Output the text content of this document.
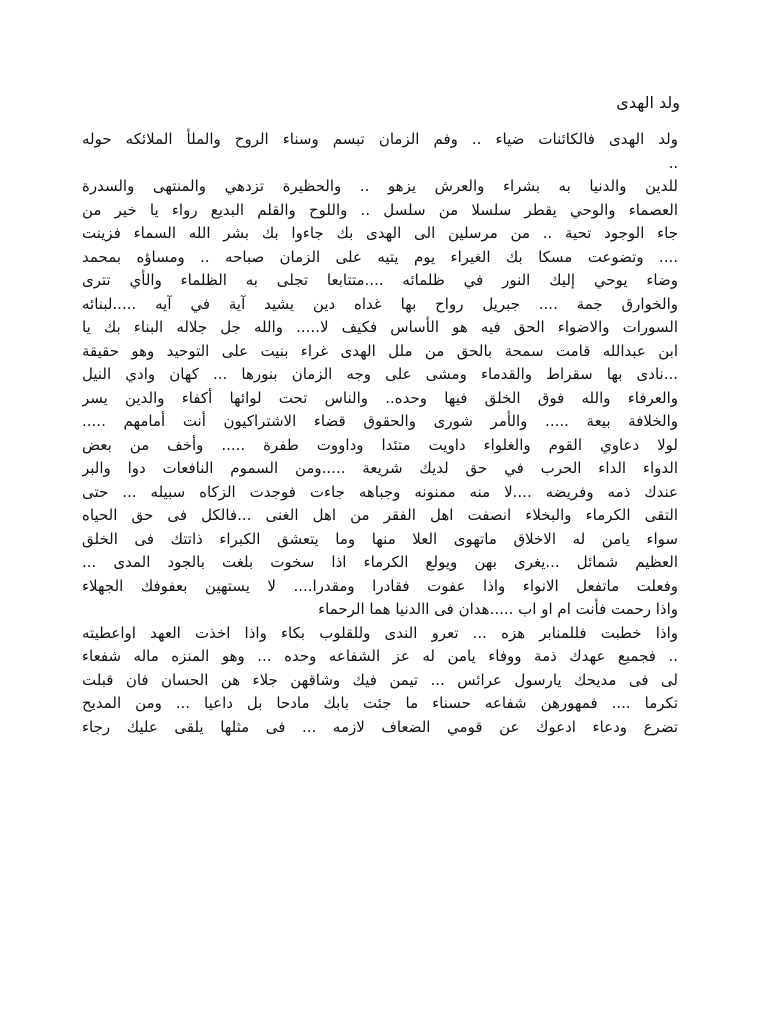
ولد الهدى
ولد الهدى فالكائنات ضياء .. وفم الزمان تبسم وسناء الروح والملأ الملائكه حوله
..
للدين والدنيا به بشراء والعرش يزهو .. والحظيرة تزدهي والمنتهى والسدرة
العصماء والوحي يقطر سلسلا من سلسل .. واللوح والقلم البديع رواء يا خير من
جاء الوجود تحية .. من مرسلين الى الهدى بك جاءوا بك بشر الله السماء فزينت
.... وتضوعت مسكا بك الغيراء يوم يتيه على الزمان صباحه .. ومساؤه بمحمد
وضاء يوحي إليك النور في ظلمائه ....متتابعا تجلى به الظلماء والأي تترى
والخوارق جمة .... جبريل رواح بها غداه دين يشيد آية في آيه .....لبنائه
السورات والاضواء الحق فيه هو الأساس فكيف لا..... والله جل جلاله البناء بك يا
ابن عبدالله قامت سمحة بالحق من ملل الهدى غراء بنيت على التوحيد وهو حقيقة
...نادى بها سقراط والقدماء ومشى على وجه الزمان بنورها ... كهان وادي النيل
والعرفاء والله فوق الخلق فيها وحده.. والناس تحت لوائها أكفاء والدين يسر
والخلافة بيعة ..... والأمر شورى والحقوق قضاء الاشتراكيون أنت أمامهم .....
لولا دعاوي القوم والغلواء داويت متئدا وداووت طفرة ..... وأخف من بعض
الدواء الداء الحرب في حق لديك شريعة .....ومن السموم النافعات دوا والبر
عندك ذمه وفريضه ....لا منه ممنونه وجباهه جاءت فوجدت الزكاه سبيله ... حتى
التقى الكرماء والبخلاء انصفت اهل الفقر من اهل الغنى ...فالكل فى حق الحياه
سواء يامن له الاخلاق ماتهوى العلا منها وما يتعشق الكبراء ذاتتك فى الخلق
العظيم شمائل ...يغرى بهن ويولع الكرماء اذا سخوت بلغت بالجود المدى ...
وفعلت ماتفعل الانواء واذا عفوت فقادرا ومقدرا.... لا يستهين بعفوفك الجهلاء
واذا رحمت فأنت ام او اب .....هدان فى االدنيا هما الرحماء
واذا خطبت فللمنابر هزه ... تعرو الندى وللقلوب بكاء واذا اخذت العهد اواعطيته
.. فجميع عهدك ذمة ووفاء يامن له عز الشفاعه وحده ... وهو المنزه ماله شفعاء
لى فى مديحك يارسول عرائس ... تيمن فيك وشاقهن جلاء هن الحسان فان قبلت
تكرما .... فمهورهن شفاعه حسناء ما جئت بابك مادحا بل داعيا ... ومن المديح
تضرع ودعاء ادعوك عن قومي الضعاف لازمه ... فى مثلها يلقى عليك رجاء
